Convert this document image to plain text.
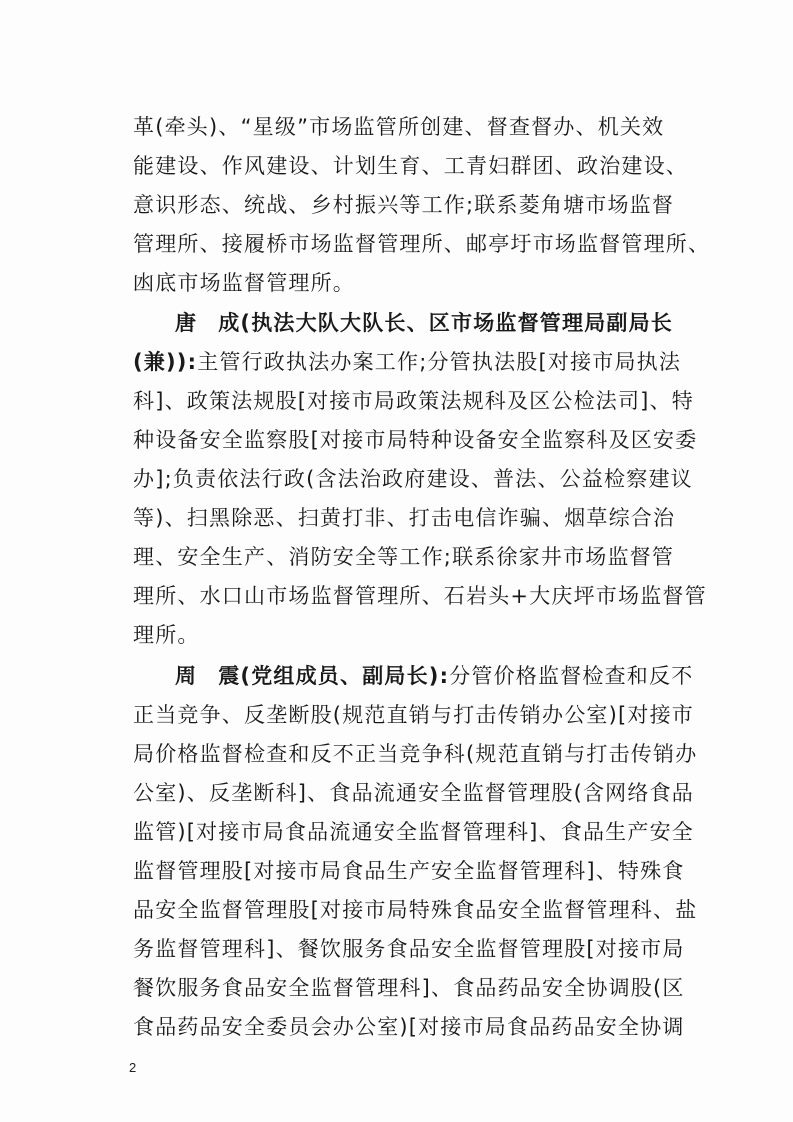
革(牵头)、“星级”市场监管所创建、督查督办、机关效
能建设、作风建设、计划生育、工青妇群团、政治建设、
意识形态、统战、乡村振兴等工作;联系菱角塘市场监督
管理所、接履桥市场监督管理所、邮亭圩市场监督管理所、
凼底市场监督管理所。
唐 成(执法大队大队长、区市场监督管理局副局长
(兼)):主管行政执法办案工作;分管执法股[对接市局执法
科]、政策法规股[对接市局政策法规科及区公检法司]、特
种设备安全监察股[对接市局特种设备安全监察科及区安委
办];负责依法行政(含法治政府建设、普法、公益检察建议
等)、扫黑除恶、扫黄打非、打击电信诈骗、烟草综合治
理、安全生产、消防安全等工作;联系徐家井市场监督管
理所、水口山市场监督管理所、石岩头+大庆坪市场监督管
理所。
周 震(党组成员、副局长):分管价格监督检查和反不
正当竞争、反垄断股(规范直销与打击传销办公室)[对接市
局价格监督检查和反不正当竞争科(规范直销与打击传销办
公室)、反垄断科]、食品流通安全监督管理股(含网络食品
监管)[对接市局食品流通安全监督管理科]、食品生产安全
监督管理股[对接市局食品生产安全监督管理科]、特殊食
品安全监督管理股[对接市局特殊食品安全监督管理科、盐
务监督管理科]、餐饮服务食品安全监督管理股[对接市局
餐饮服务食品安全监督管理科]、食品药品安全协调股(区
食品药品安全委员会办公室)[对接市局食品药品安全协调
2
